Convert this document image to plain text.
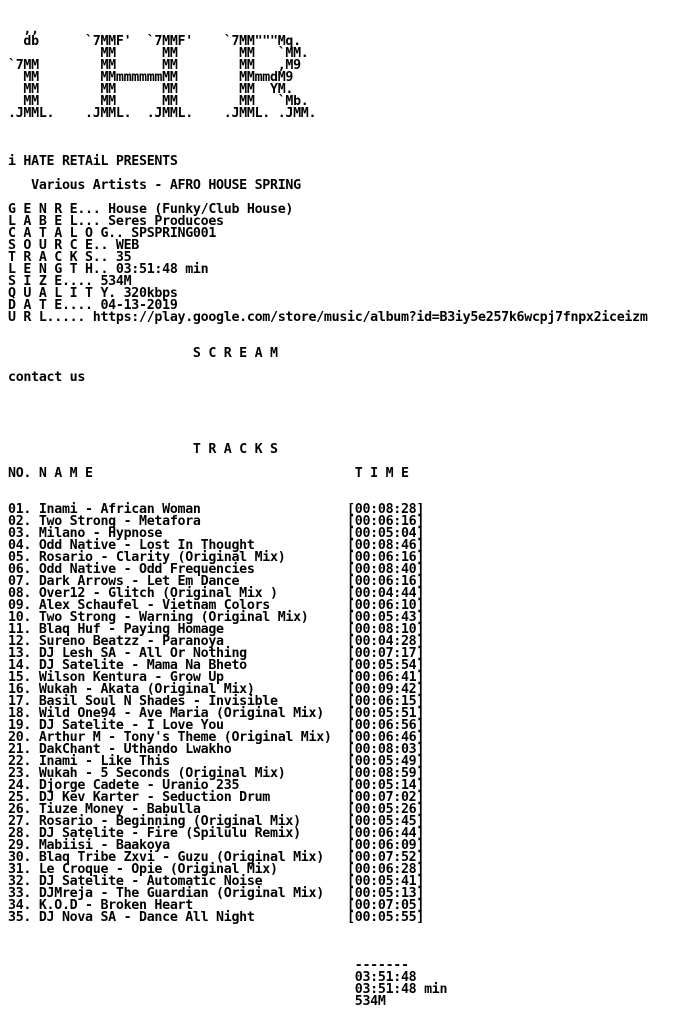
,,
db      `7MMF'  `7MMF'    `7MM"""Mq.
MM      MM        MM   `MM.
`7MM        MM      MM        MM   ,M9
MM        MMmmmmmmMM        MMmmdM9
MM        MM      MM        MM  YM.
MM        MM      MM        MM   `Mb.
.JMML.    .JMML.  .JMML.    .JMML. .JMM.
i HATE RETAiL PRESENTS
Various Artists - AFRO HOUSE SPRING
G E N R E... House (Funky/Club House)
L A B E L... Seres Producoes
C A T A L O G.. SPSPRING001
S O U R C E.. WEB
T R A C K S.. 35
L E N G T H.. 03:51:48 min
S I Z E.... 534M
Q U A L I T Y. 320kbps
D A T E.... 04-13-2019
U R L..... https://play.google.com/store/music/album?id=B3iy5e257k6wcpj7fnpx2iceizm
S C R E A M
contact us
T R A C K S
NO. N A M E                                  T I M E
01. Inami - African Woman                   [00:08:28]
02. Two Strong - Metafora                   [00:06:16]
03. Milano - Hypnose                        [00:05:04]
04. Odd Native - Lost In Thought            [00:08:46]
05. Rosario - Clarity (Original Mix)        [00:06:16]
06. Odd Native - Odd Frequencies            [00:08:40]
07. Dark Arrows - Let Em Dance              [00:06:16]
08. Over12 - Glitch (Original Mix )         [00:04:44]
09. Alex Schaufel - Vietnam Colors          [00:06:10]
10. Two Strong - Warning (Original Mix)     [00:05:43]
11. Blaq Huf - Paying Homage                [00:08:10]
12. Sureno Beatzz - Paranoya                [00:04:28]
13. DJ Lesh SA - All Or Nothing             [00:07:17]
14. DJ Satelite - Mama Na Bheto             [00:05:54]
15. Wilson Kentura - Grow Up                [00:06:41]
16. Wukah - Akata (Original Mix)            [00:09:42]
17. Basil Soul N Shades - Invisible         [00:06:15]
18. Wild One94 - Ave Maria (Original Mix)   [00:05:51]
19. DJ Satelite - I Love You                [00:06:56]
20. Arthur M - Tony's Theme (Original Mix)  [00:06:46]
21. DakChant - Uthando Lwakho               [00:08:03]
22. Inami - Like This                       [00:05:49]
23. Wukah - 5 Seconds (Original Mix)        [00:08:59]
24. Djorge Cadete - Uranio 235              [00:05:14]
25. DJ Kev Karter - Seduction Drum          [00:07:02]
26. Tiuze Money - Babulla                   [00:05:26]
27. Rosario - Beginning (Original Mix)      [00:05:45]
28. DJ Satelite - Fire (Spilulu Remix)      [00:06:44]
29. Mabiisi - Baakoya                       [00:06:09]
30. Blaq Tribe Zxvi - Guzu (Original Mix)   [00:07:52]
31. Le Croque - Opie (Original Mix)         [00:06:28]
32. DJ Satelite - Automatic Noise           [00:05:41]
33. DJMreja - The Guardian (Original Mix)   [00:05:13]
34. K.O.D - Broken Heart                    [00:07:05]
35. DJ Nova SA - Dance All Night            [00:05:55]
-------
03:51:48
03:51:48 min
534M
